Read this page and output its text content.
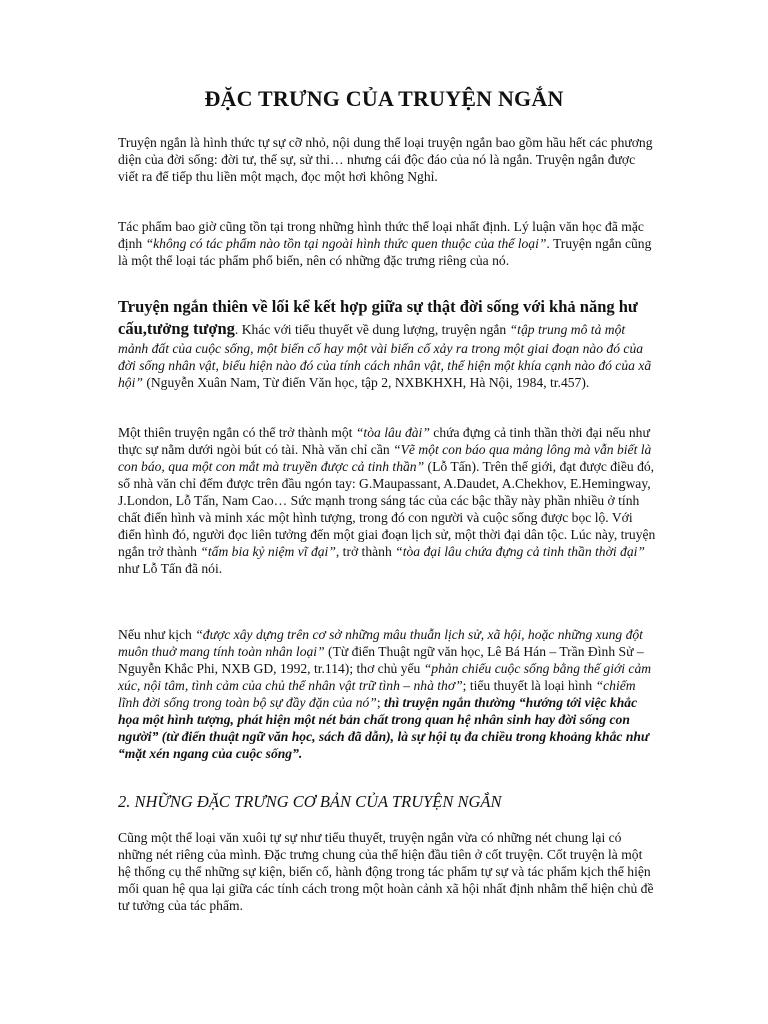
ĐẶC TRƯNG CỦA TRUYỆN NGẮN

Truyện ngắn là hình thức tự sự cỡ nhỏ, nội dung thể loại truyện ngắn bao gồm hầu hết các phương diện của đời sống: đời tư, thế sự, sử thi… nhưng cái độc đáo của nó là ngắn. Truyện ngắn được viết ra để tiếp thu liền một mạch, đọc một hơi không Nghỉ.

Tác phẩm bao giờ cũng tồn tại trong những hình thức thể loại nhất định. Lý luận văn học đã mặc định “không có tác phẩm nào tồn tại ngoài hình thức quen thuộc của thể loại”. Truyện ngắn cũng là một thể loại tác phẩm phổ biến, nên có những đặc trưng riêng của nó.

Truyện ngắn thiên về lối kể kết hợp giữa sự thật đời sống với khả năng hư cấu,tưởng tượng. Khác với tiểu thuyết về dung lượng, truyện ngắn “tập trung mô tả một mảnh đất của cuộc sống, một biến cố hay một vài biến cố xảy ra trong một giai đoạn nào đó của đời sống nhân vật, biểu hiện nào đó của tính cách nhân vật, thể hiện một khía cạnh nào đó của xã hội” (Nguyễn Xuân Nam, Từ điển Văn học, tập 2, NXBKHXH, Hà Nội, 1984, tr.457).

Một thiên truyện ngắn có thể trở thành một “tòa lâu đài” chứa đựng cả tinh thần thời đại nếu như thực sự nằm dưới ngòi bút có tài. Nhà văn chỉ cần “Vẽ một con báo qua mảng lông mà vẫn biết là con báo, qua một con mắt mà truyền được cả tinh thần” (Lỗ Tấn). Trên thế giới, đạt được điều đó, số nhà văn chỉ đếm được trên đầu ngón tay: G.Maupassant, A.Daudet, A.Chekhov, E.Hemingway, J.London, Lỗ Tấn, Nam Cao… Sức mạnh trong sáng tác của các bậc thầy này phần nhiều ở tính chất điển hình và minh xác một hình tượng, trong đó con người và cuộc sống được bọc lộ. Với điển hình đó, người đọc liên tưởng đến một giai đoạn lịch sử, một thời đại dân tộc. Lúc này, truyện ngắn trở thành “tấm bia kỷ niệm vĩ đại”, trở thành “tòa đại lâu chứa đựng cả tinh thần thời đại” như Lỗ Tấn đã nói.

Nếu như kịch “được xây dựng trên cơ sở những mâu thuẫn lịch sử, xã hội, hoặc những xung đột muôn thuở mang tính toàn nhân loại” (Từ điển Thuật ngữ văn học, Lê Bá Hán – Trần Đình Sử – Nguyễn Khắc Phi, NXB GD, 1992, tr.114); thơ chủ yếu “phản chiếu cuộc sống bằng thế giới cảm xúc, nội tâm, tình cảm của chủ thể nhân vật trữ tình – nhà thơ”; tiểu thuyết là loại hình “chiếm lĩnh đời sống trong toàn bộ sự đầy đặn của nó”; thì truyện ngắn thường “hướng tới việc khắc họa một hình tượng, phát hiện một nét bản chất trong quan hệ nhân sinh hay đời sống con người” (từ điển thuật ngữ văn học, sách đã dẫn), là sự hội tụ đa chiều trong khoảng khắc như “mặt xén ngang của cuộc sống”.

2. NHỮNG ĐẶC TRƯNG CƠ BẢN CỦA TRUYỆN NGẮN

Cũng một thể loại văn xuôi tự sự như tiểu thuyết, truyện ngắn vừa có những nét chung lại có những nét riêng của mình. Đặc trưng chung của thể hiện đầu tiên ở cốt truyện. Cốt truyện là một hệ thống cụ thể những sự kiện, biến cố, hành động trong tác phẩm tự sự và tác phẩm kịch thể hiện mối quan hệ qua lại giữa các tính cách trong một hoàn cảnh xã hội nhất định nhằm thể hiện chủ đề tư tưởng của tác phẩm.
